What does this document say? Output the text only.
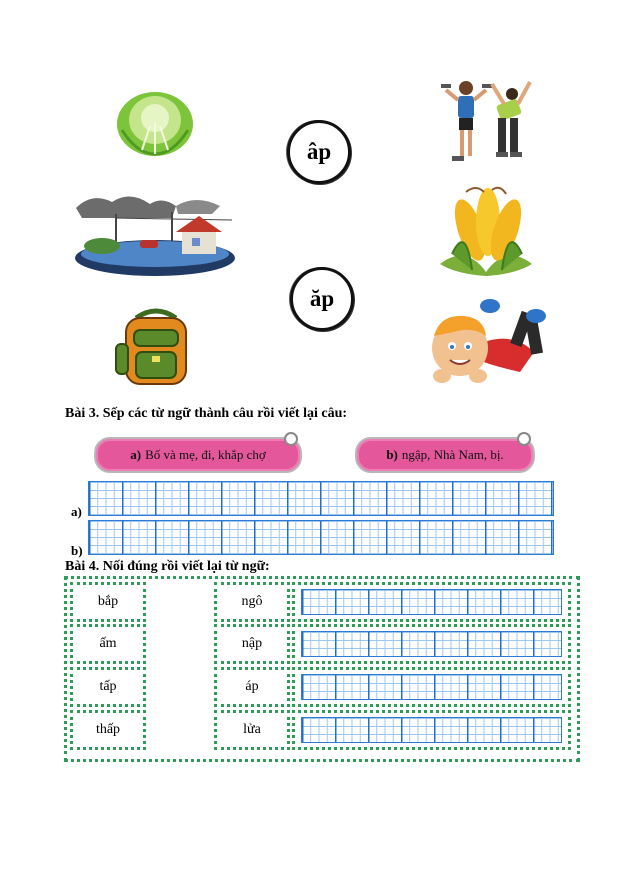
âp
ăp
Bài 3. Sếp các từ ngữ thành câu rồi viết lại câu:
a) Bố và mẹ, đi, khắp chợ	b) ngập, Nhà Nam, bị.
a)
b)
Bài 4. Nối đúng rồi viết lại từ ngữ:
bắp
ấm
tấp
thấp
ngô
nập
áp
lửa
